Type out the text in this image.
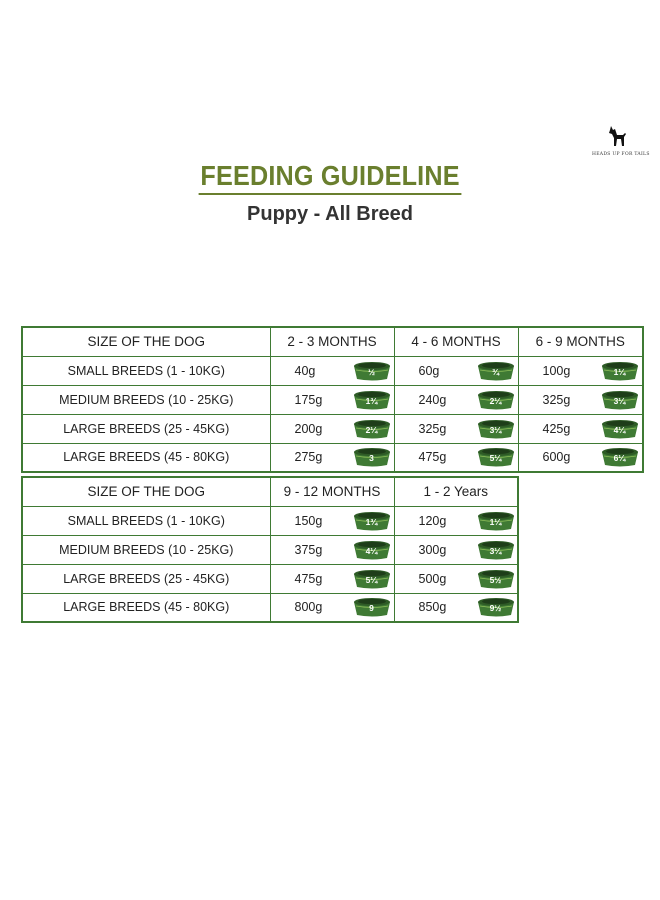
HEADS UP FOR TAILS
FEEDING GUIDELINE
Puppy - All Breed
SIZE OF THE DOG	2 - 3 MONTHS	4 - 6 MONTHS	6 - 9 MONTHS
SMALL BREEDS (1 - 10KG)	40g ½	60g ¾	100g 1¼

MEDIUM BREEDS (10 - 25KG)	175g 1¾	240g 2¼	325g 3¼

LARGE BREEDS (25 - 45KG)	200g 2¼	325g 3¼	425g 4¼

LARGE BREEDS (45 - 80KG)	275g 3	475g 5¼	600g 6¼
SIZE OF THE DOG	9 - 12 MONTHS	1 - 2 Years
SMALL BREEDS (1 - 10KG)	150g 1¾	120g 1¼

MEDIUM BREEDS (10 - 25KG)	375g 4¼	300g 3¼

LARGE BREEDS (25 - 45KG)	475g 5¼	500g 5½

LARGE BREEDS (45 - 80KG)	800g 9	850g 9½
